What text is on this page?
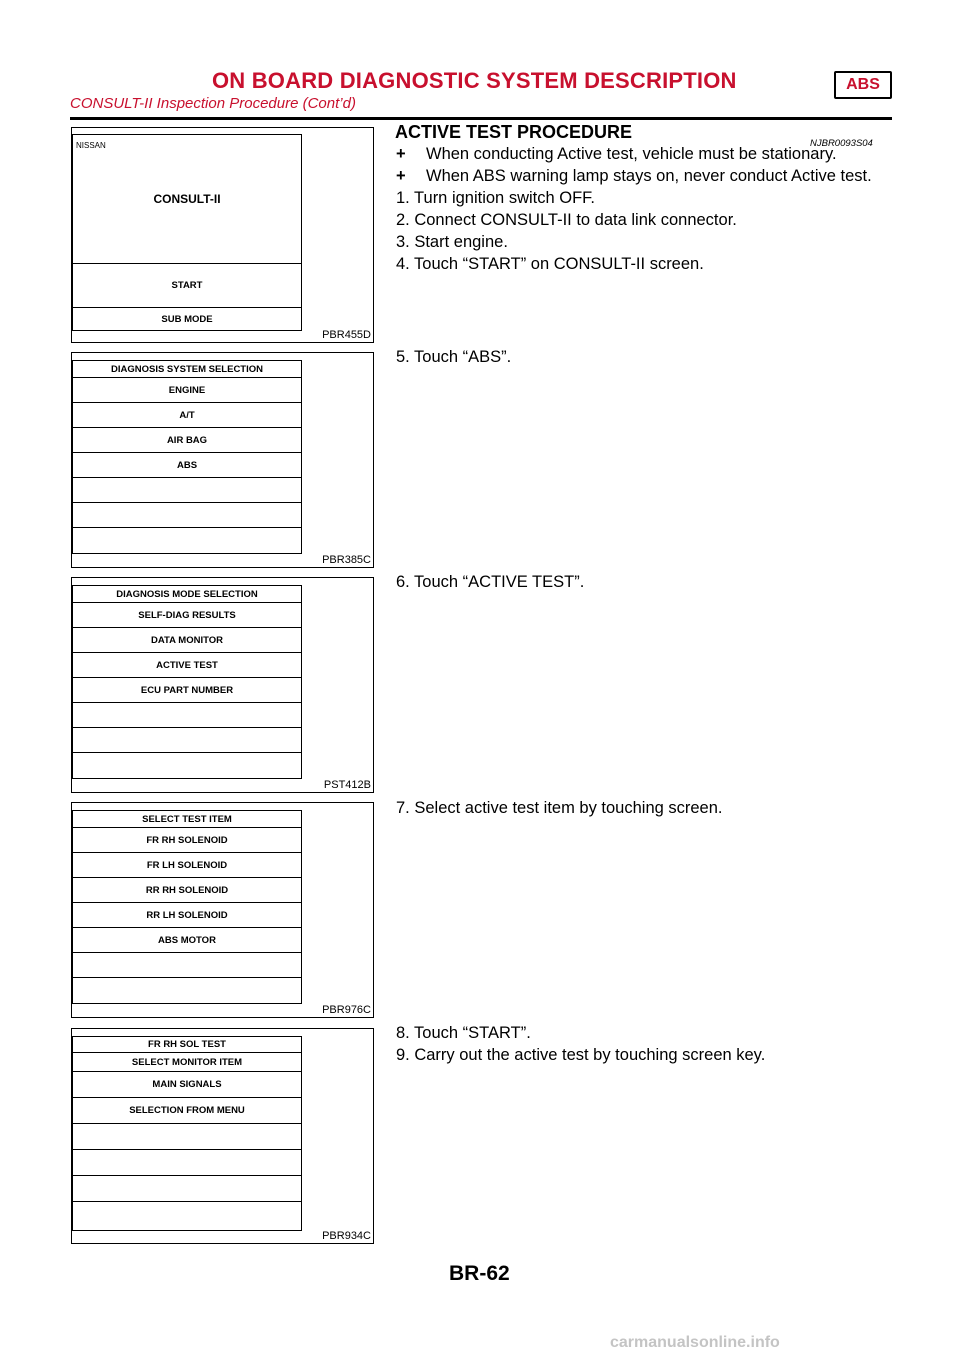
ON BOARD DIAGNOSTIC SYSTEM DESCRIPTION	ABS
CONSULT-II Inspection Procedure (Cont’d)
ACTIVE TEST PROCEDURE
NJBR0093S04
+ When conducting Active test, vehicle must be stationary.
+ When ABS warning lamp stays on, never conduct Active test.
1. Turn ignition switch OFF.
2. Connect CONSULT-II to data link connector.
3. Start engine.
4. Touch “START” on CONSULT-II screen.
5. Touch “ABS”.
6. Touch “ACTIVE TEST”.
7. Select active test item by touching screen.
8. Touch “START”.
9. Carry out the active test by touching screen key.
PBR455D
NISSAN
CONSULT-II
START
SUB MODE
PBR385C
DIAGNOSIS SYSTEM SELECTION
ENGINE
A/T
AIR BAG
ABS
PST412B
DIAGNOSIS MODE SELECTION
SELF-DIAG RESULTS
DATA MONITOR
ACTIVE TEST
ECU PART NUMBER
PBR976C
SELECT TEST ITEM
FR RH SOLENOID
FR LH SOLENOID
RR RH SOLENOID
RR LH SOLENOID
ABS MOTOR
PBR934C
FR RH SOL TEST
SELECT MONITOR ITEM
MAIN SIGNALS
SELECTION FROM MENU
BR-62
carmanualsonline.info
